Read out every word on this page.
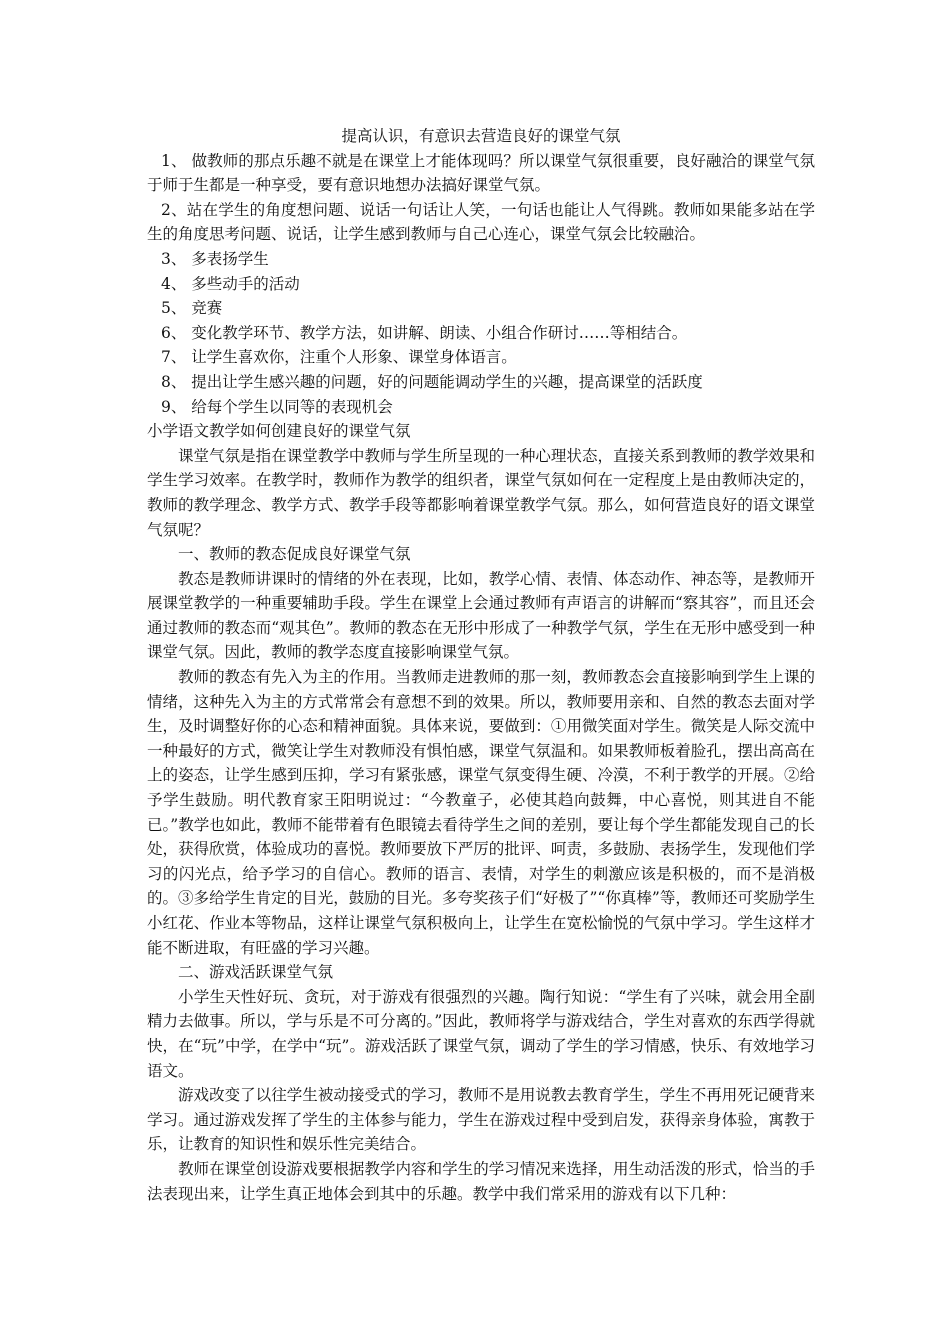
提高认识，有意识去营造良好的课堂气氛

1、 做教师的那点乐趣不就是在课堂上才能体现吗？所以课堂气氛很重要，良好融洽的课堂气氛于师于生都是一种享受，要有意识地想办法搞好课堂气氛。

2、站在学生的角度想问题、说话一句话让人笑，一句话也能让人气得跳。教师如果能多站在学生的角度思考问题、说话，让学生感到教师与自己心连心，课堂气氛会比较融洽。

3、 多表扬学生

4、 多些动手的活动

5、 竞赛

6、 变化教学环节、教学方法，如讲解、朗读、小组合作研讨……等相结合。

7、 让学生喜欢你，注重个人形象、课堂身体语言。

8、 提出让学生感兴趣的问题，好的问题能调动学生的兴趣，提高课堂的活跃度

9、 给每个学生以同等的表现机会

小学语文教学如何创建良好的课堂气氛

课堂气氛是指在课堂教学中教师与学生所呈现的一种心理状态，直接关系到教师的教学效果和学生学习效率。在教学时，教师作为教学的组织者，课堂气氛如何在一定程度上是由教师决定的，教师的教学理念、教学方式、教学手段等都影响着课堂教学气氛。那么，如何营造良好的语文课堂气氛呢？

一、教师的教态促成良好课堂气氛

教态是教师讲课时的情绪的外在表现，比如，教学心情、表情、体态动作、神态等，是教师开展课堂教学的一种重要辅助手段。学生在课堂上会通过教师有声语言的讲解而“察其容”，而且还会通过教师的教态而“观其色”。教师的教态在无形中形成了一种教学气氛，学生在无形中感受到一种课堂气氛。因此，教师的教学态度直接影响课堂气氛。

教师的教态有先入为主的作用。当教师走进教师的那一刻，教师教态会直接影响到学生上课的情绪，这种先入为主的方式常常会有意想不到的效果。所以，教师要用亲和、自然的教态去面对学生，及时调整好你的心态和精神面貌。具体来说，要做到：①用微笑面对学生。微笑是人际交流中一种最好的方式，微笑让学生对教师没有惧怕感，课堂气氛温和。如果教师板着脸孔，摆出高高在上的姿态，让学生感到压抑，学习有紧张感，课堂气氛变得生硬、冷漠，不利于教学的开展。②给予学生鼓励。明代教育家王阳明说过：“今教童子，必使其趋向鼓舞，中心喜悦，则其进自不能已。”教学也如此，教师不能带着有色眼镜去看待学生之间的差别，要让每个学生都能发现自己的长处，获得欣赏，体验成功的喜悦。教师要放下严厉的批评、呵责，多鼓励、表扬学生，发现他们学习的闪光点，给予学习的自信心。教师的语言、表情，对学生的刺激应该是积极的，而不是消极的。③多给学生肯定的目光，鼓励的目光。多夸奖孩子们“好极了”“你真棒”等，教师还可奖励学生小红花、作业本等物品，这样让课堂气氛积极向上，让学生在宽松愉悦的气氛中学习。学生这样才能不断进取，有旺盛的学习兴趣。

二、游戏活跃课堂气氛

小学生天性好玩、贪玩，对于游戏有很强烈的兴趣。陶行知说：“学生有了兴味，就会用全副精力去做事。所以，学与乐是不可分离的。”因此，教师将学与游戏结合，学生对喜欢的东西学得就快，在“玩”中学，在学中“玩”。游戏活跃了课堂气氛，调动了学生的学习情感，快乐、有效地学习语文。

游戏改变了以往学生被动接受式的学习，教师不是用说教去教育学生，学生不再用死记硬背来学习。通过游戏发挥了学生的主体参与能力，学生在游戏过程中受到启发，获得亲身体验，寓教于乐，让教育的知识性和娱乐性完美结合。

教师在课堂创设游戏要根据教学内容和学生的学习情况来选择，用生动活泼的形式，恰当的手法表现出来，让学生真正地体会到其中的乐趣。教学中我们常采用的游戏有以下几种：
